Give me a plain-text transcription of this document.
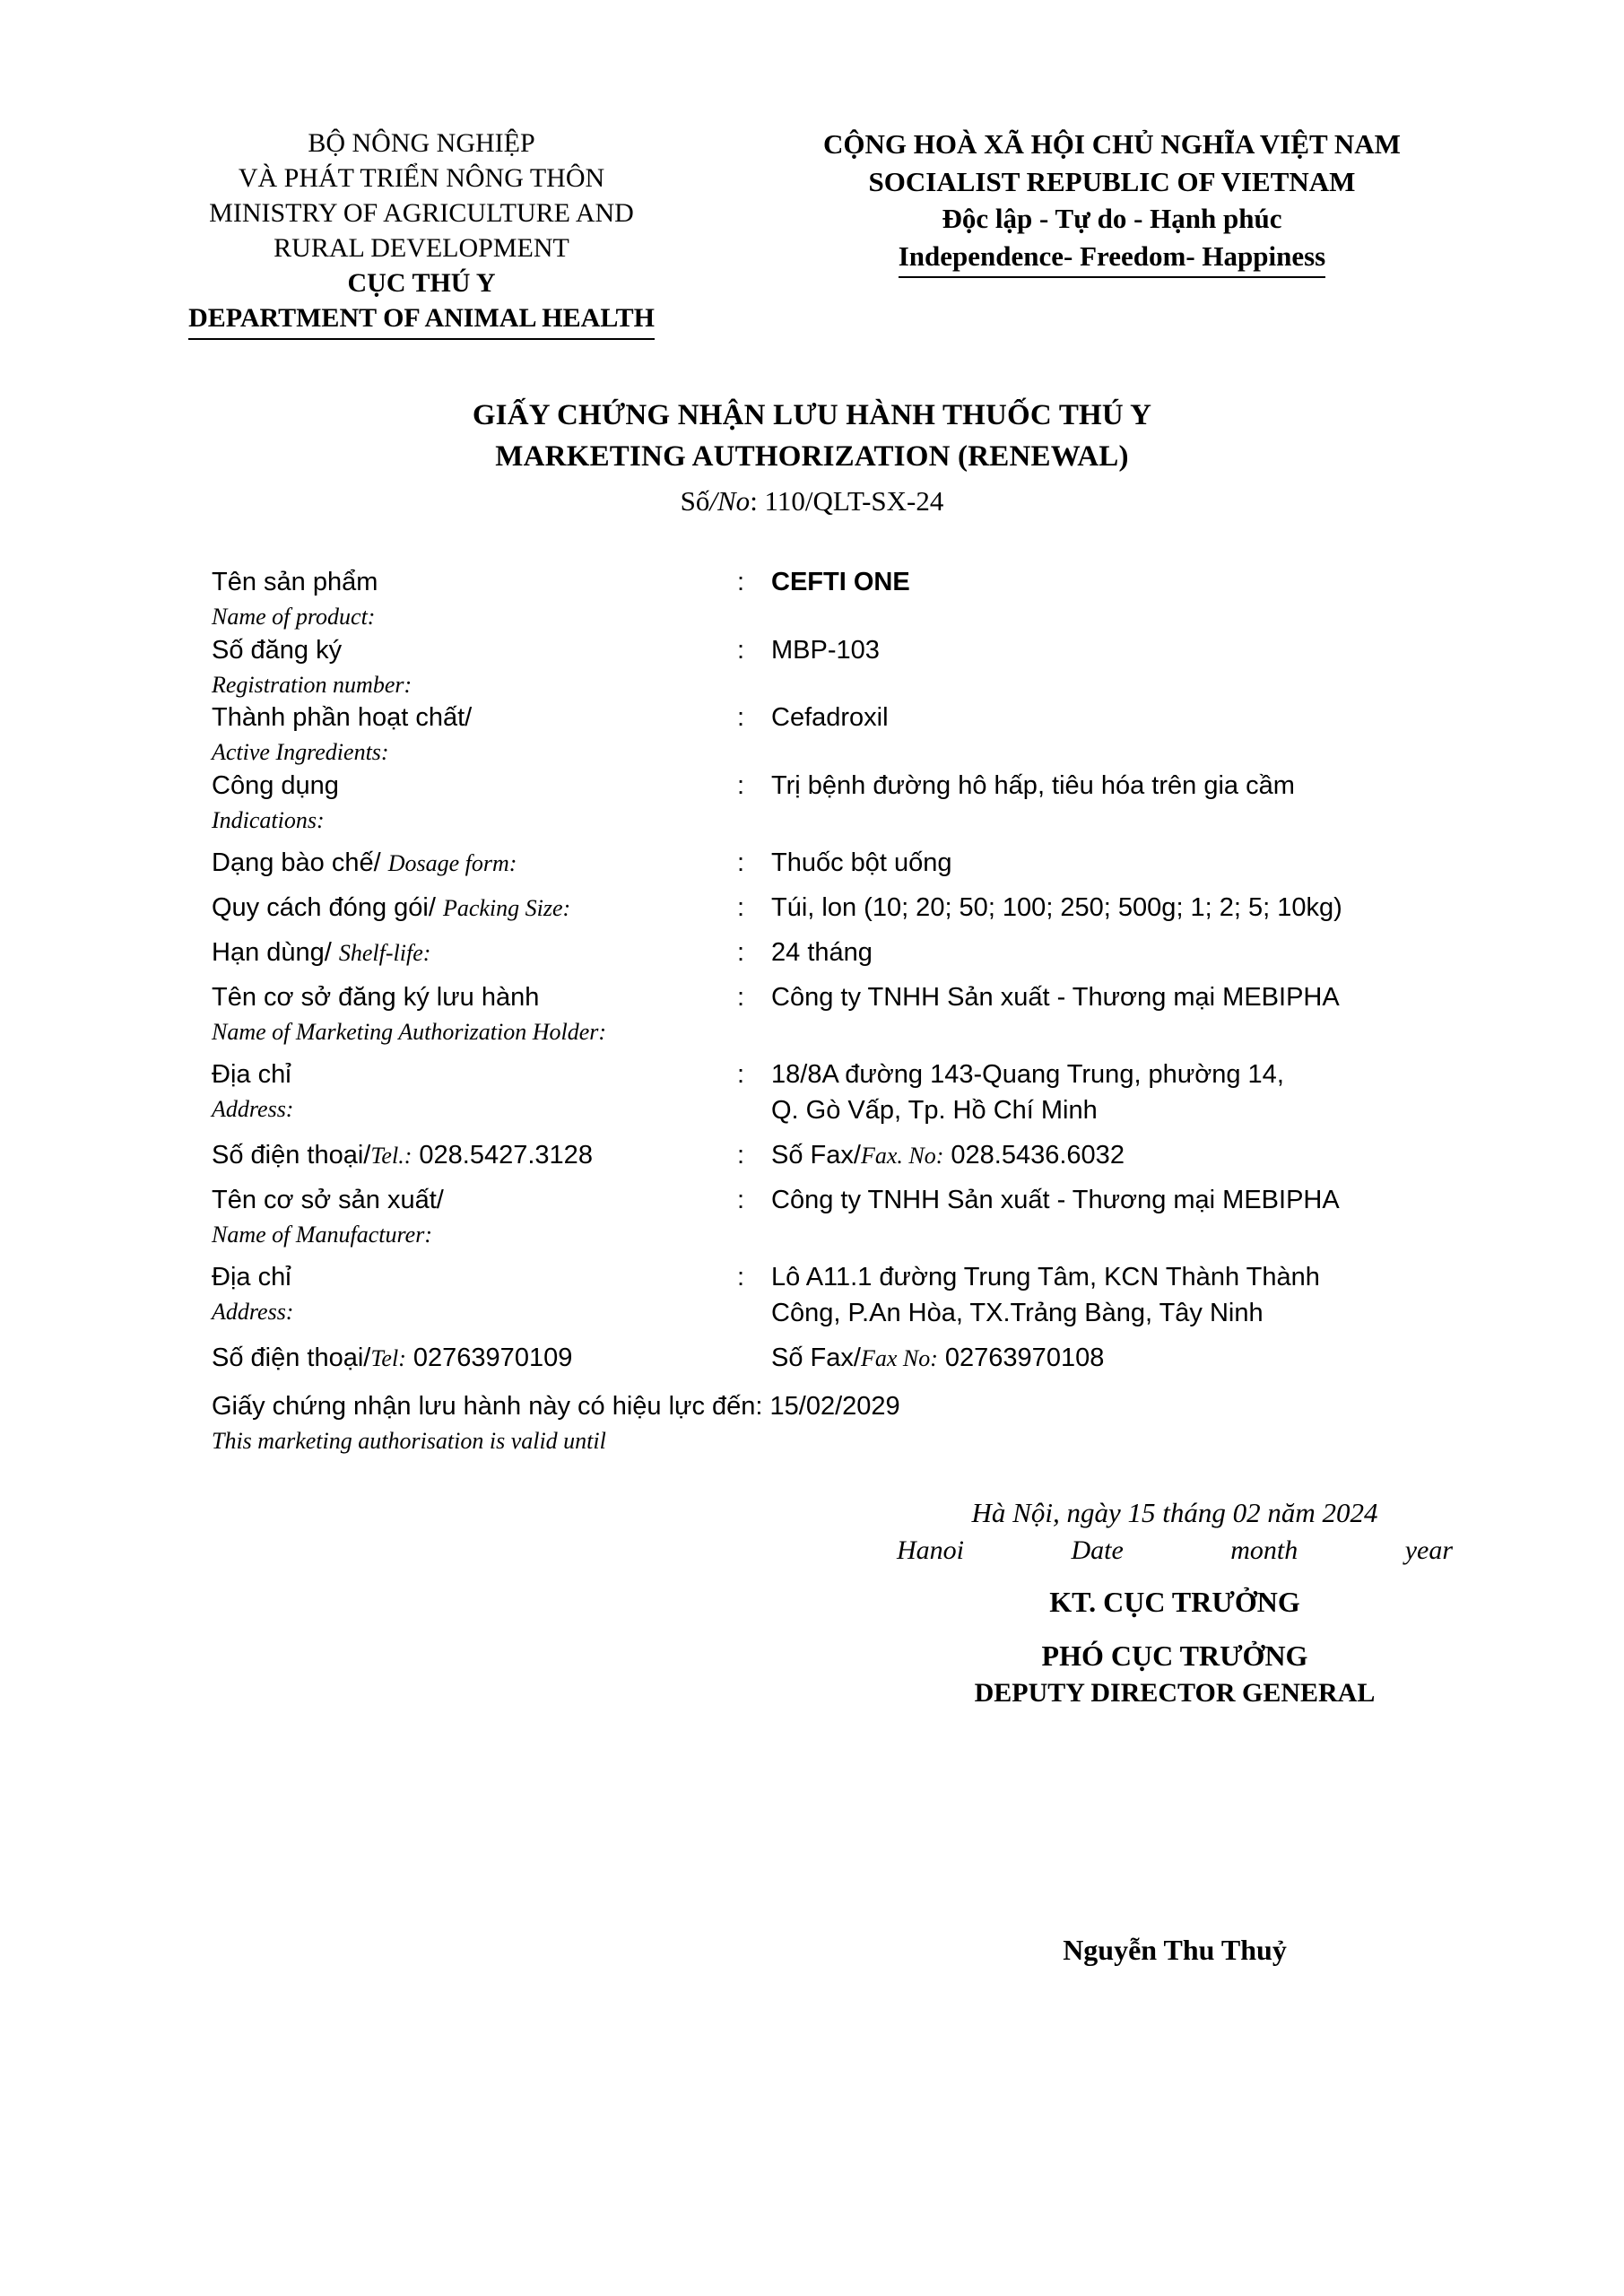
BỘ NÔNG NGHIỆP
VÀ PHÁT TRIỂN NÔNG THÔN
MINISTRY OF AGRICULTURE AND
RURAL DEVELOPMENT
CỤC THÚ Y
DEPARTMENT OF ANIMAL HEALTH
CỘNG HOÀ XÃ HỘI CHỦ NGHĨA VIỆT NAM
SOCIALIST REPUBLIC OF VIETNAM
Độc lập - Tự do - Hạnh phúc
Independence- Freedom- Happiness
GIẤY CHỨNG NHẬN LƯU HÀNH THUỐC THÚ Y
MARKETING AUTHORIZATION (RENEWAL)
Số/No: 110/QLT-SX-24
Tên sản phẩm	:	CEFTI ONE
Name of product:
Số đăng ký	:	MBP-103
Registration number:
Thành phần hoạt chất/	:	Cefadroxil
Active Ingredients:
Công dụng	:	Trị bệnh đường hô hấp, tiêu hóa trên gia cầm
Indications:
Dạng bào chế/ Dosage form:	:	Thuốc bột uống
Quy cách đóng gói/ Packing Size:	:	Túi, lon (10; 20; 50; 100; 250; 500g; 1; 2; 5; 10kg)
Hạn dùng/ Shelf-life:	:	24 tháng
Tên cơ sở đăng ký lưu hành	:	Công ty TNHH Sản xuất - Thương mại MEBIPHA
Name of Marketing Authorization Holder:
Địa chỉ	:	18/8A đường 143-Quang Trung, phường 14,
Address:	Q. Gò Vấp, Tp. Hồ Chí Minh
Số điện thoại/Tel.: 028.5427.3128	:	Số Fax/Fax. No: 028.5436.6032
Tên cơ sở sản xuất/	:	Công ty TNHH Sản xuất - Thương mại MEBIPHA
Name of Manufacturer:
Địa chỉ	:	Lô A11.1 đường Trung Tâm, KCN Thành Thành
Address:	Công, P.An Hòa, TX.Trảng Bàng, Tây Ninh
Số điện thoại/Tel: 02763970109	Số Fax/Fax No: 02763970108
Giấy chứng nhận lưu hành này có hiệu lực đến: 15/02/2029
This marketing authorisation is valid until
Hà Nội, ngày 15 tháng 02 năm 2024
Hanoi	Date	month	year
KT. CỤC TRƯỞNG
PHÓ CỤC TRƯỞNG
DEPUTY DIRECTOR GENERAL
Nguyễn Thu Thuỷ
